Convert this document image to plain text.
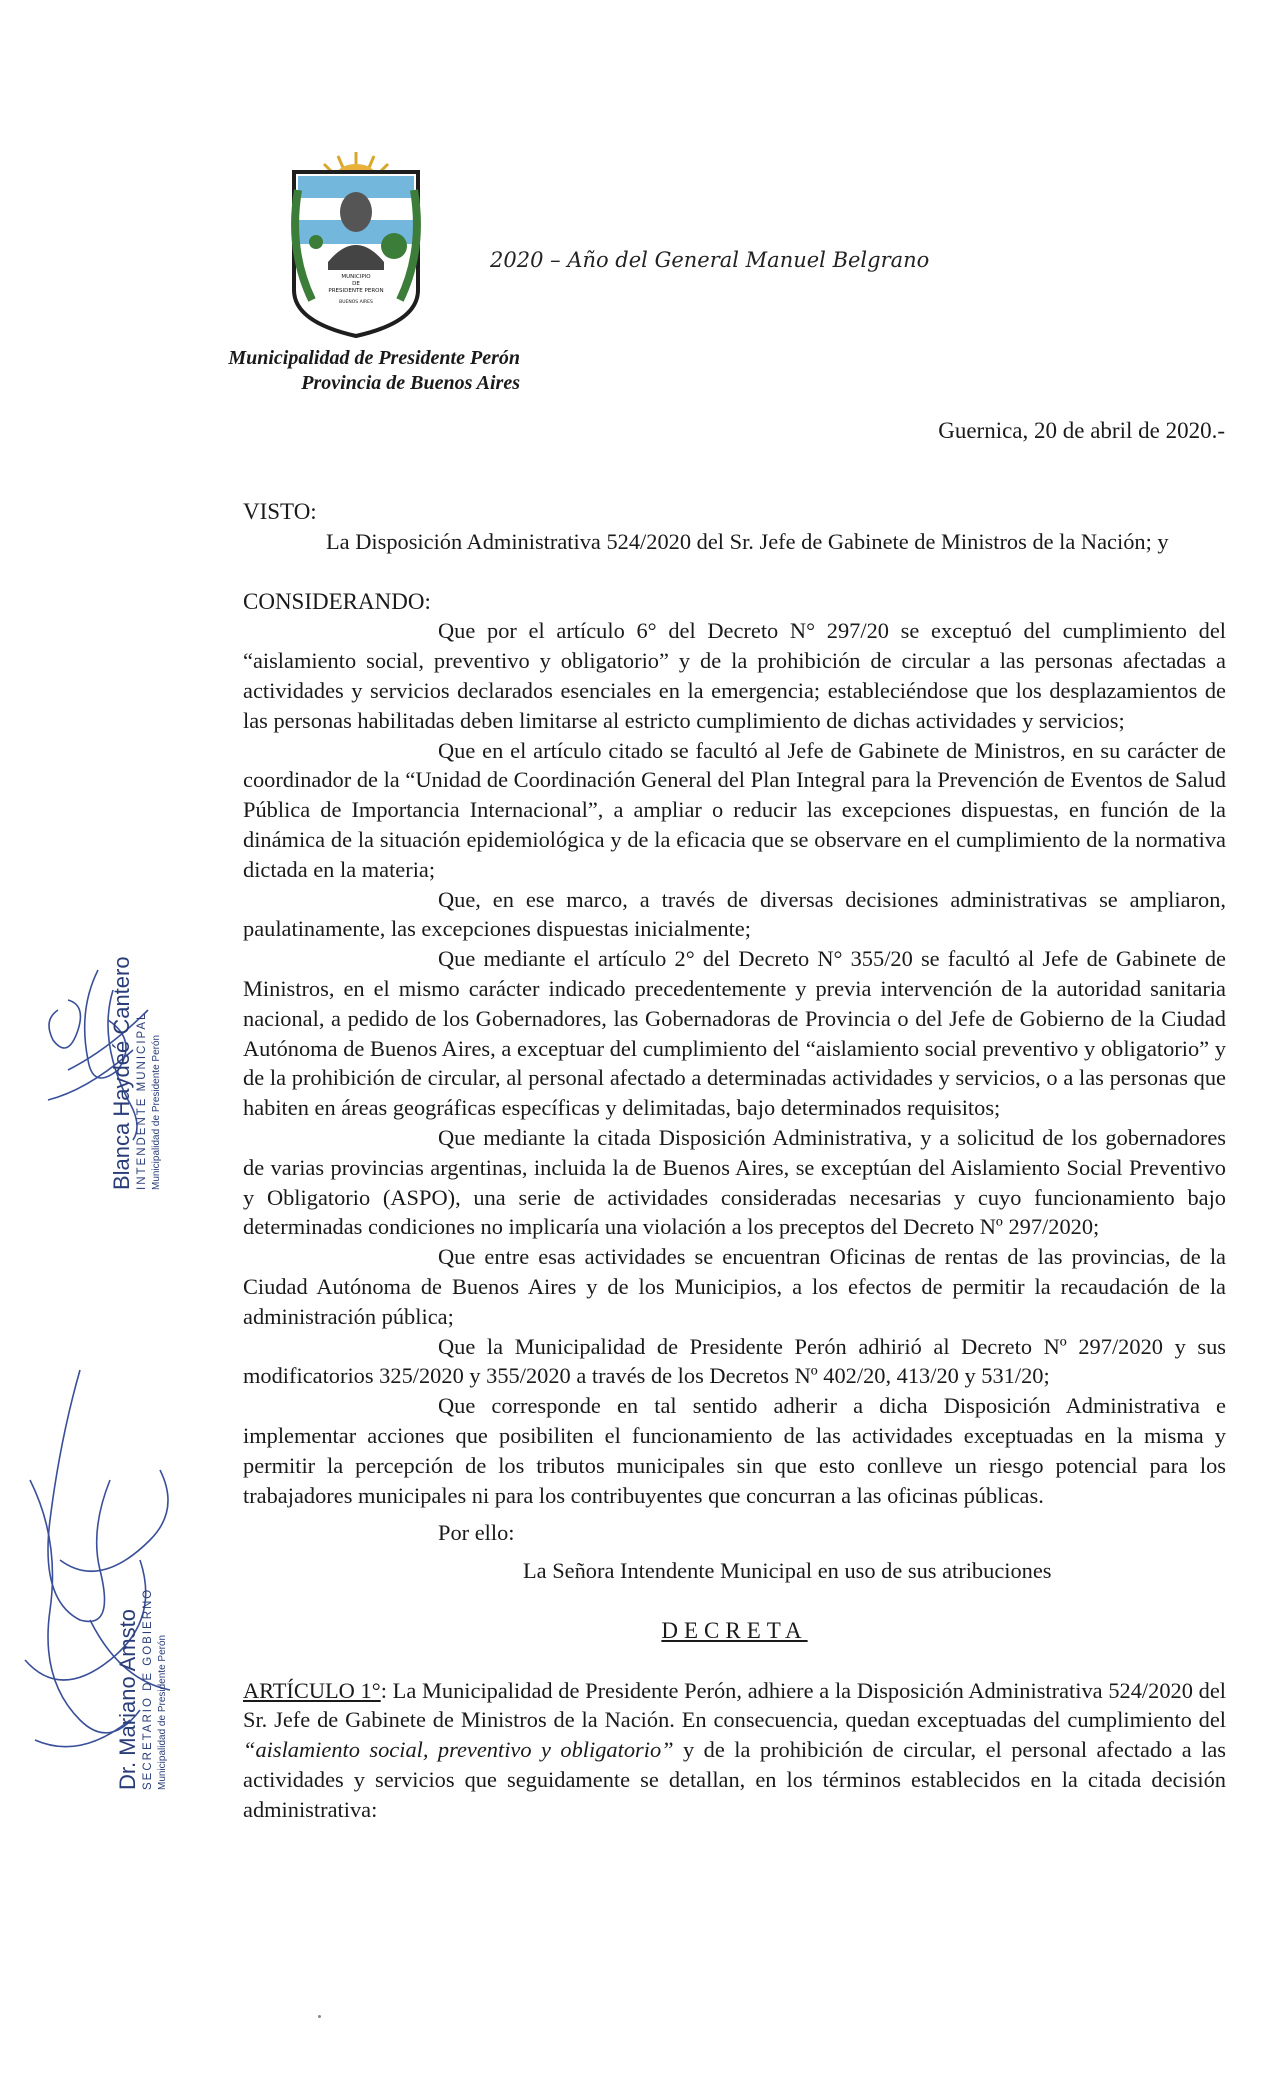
MUNICIPIO
DE
PRESIDENTE PERON
BUENOS AIRES
2020 – Año del General Manuel Belgrano
Municipalidad de Presidente Perón
Provincia de Buenos Aires
Guernica, 20 de abril de 2020.-

VISTO:

La Disposición Administrativa 524/2020 del Sr. Jefe de Gabinete de Ministros de la Nación; y

CONSIDERANDO:

Que por el artículo 6° del Decreto N° 297/20 se exceptuó del cumplimiento del “aislamiento social, preventivo y obligatorio” y de la prohibición de circular a las personas afectadas a actividades y servicios declarados esenciales en la emergencia; estableciéndose que los desplazamientos de las personas habilitadas deben limitarse al estricto cumplimiento de dichas actividades y servicios;

Que en el artículo citado se facultó al Jefe de Gabinete de Ministros, en su carácter de coordinador de la “Unidad de Coordinación General del Plan Integral para la Prevención de Eventos de Salud Pública de Importancia Internacional”, a ampliar o reducir las excepciones dispuestas, en función de la dinámica de la situación epidemiológica y de la eficacia que se observare en el cumplimiento de la normativa dictada en la materia;

Que, en ese marco, a través de diversas decisiones administrativas se ampliaron, paulatinamente, las excepciones dispuestas inicialmente;

Que mediante el artículo 2° del Decreto N° 355/20 se facultó al Jefe de Gabinete de Ministros, en el mismo carácter indicado precedentemente y previa intervención de la autoridad sanitaria nacional, a pedido de los Gobernadores, las Gobernadoras de Provincia o del Jefe de Gobierno de la Ciudad Autónoma de Buenos Aires, a exceptuar del cumplimiento del “aislamiento social preventivo y obligatorio” y de la prohibición de circular, al personal afectado a determinadas actividades y servicios, o a las personas que habiten en áreas geográficas específicas y delimitadas, bajo determinados requisitos;

Que mediante la citada Disposición Administrativa, y a solicitud de los gobernadores de varias provincias argentinas, incluida la de Buenos Aires, se exceptúan del Aislamiento Social Preventivo y Obligatorio (ASPO), una serie de actividades consideradas necesarias y cuyo funcionamiento bajo determinadas condiciones no implicaría una violación a los preceptos del Decreto Nº 297/2020;

Que entre esas actividades se encuentran Oficinas de rentas de las provincias, de la Ciudad Autónoma de Buenos Aires y de los Municipios, a los efectos de permitir la recaudación de la administración pública;

Que la Municipalidad de Presidente Perón adhirió al Decreto Nº 297/2020 y sus modificatorios 325/2020 y 355/2020 a través de los Decretos Nº 402/20, 413/20 y 531/20;

Que corresponde en tal sentido adherir a dicha Disposición Administrativa e implementar acciones que posibiliten el funcionamiento de las actividades exceptuadas en la misma y permitir la percepción de los tributos municipales sin que esto conlleve un riesgo potencial para los trabajadores municipales ni para los contribuyentes que concurran a las oficinas públicas.

Por ello:

La Señora Intendente Municipal en uso de sus atribuciones

DECRETA

ARTÍCULO 1°: La Municipalidad de Presidente Perón, adhiere a la Disposición Administrativa 524/2020 del Sr. Jefe de Gabinete de Ministros de la Nación. En consecuencia, quedan exceptuadas del cumplimiento del “aislamiento social, preventivo y obligatorio” y de la prohibición de circular, el personal afectado a las actividades y servicios que seguidamente se detallan, en los términos establecidos en la citada decisión administrativa:

Blanca Haydeé Cantero INTENDENTE MUNICIPAL Municipalidad de Presidente Perón
Dr. Mariano Amsto SECRETARIO DE GOBIERNO Municipalidad de Presidente Perón
